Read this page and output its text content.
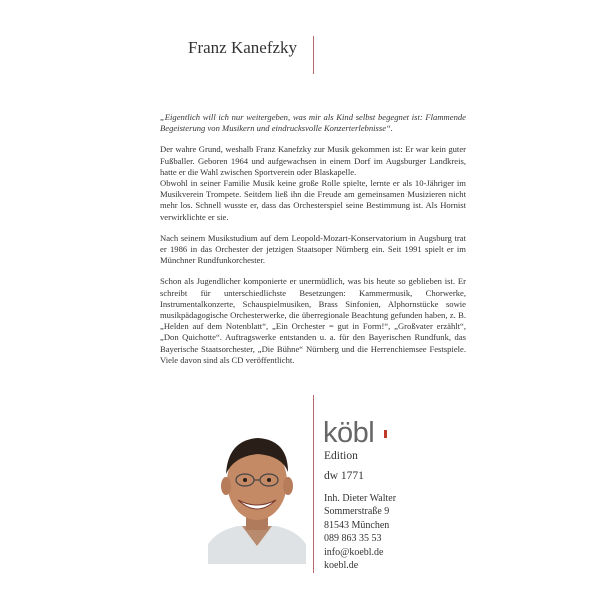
Franz Kanefzky

„Eigentlich will ich nur weitergeben, was mir als Kind selbst begegnet ist: Flammende Begeisterung von Musikern und eindrucksvolle Konzerterlebnisse“.

Der wahre Grund, weshalb Franz Kanefzky zur Musik gekommen ist: Er war kein guter Fußballer. Geboren 1964 und aufgewachsen in einem Dorf im Augsburger Landkreis, hatte er die Wahl zwischen Sportverein oder Blaskapelle.

Obwohl in seiner Familie Musik keine große Rolle spielte, lernte er als 10-Jähriger im Musikverein Trompete. Seitdem ließ ihn die Freude am gemeinsamen Musizieren nicht mehr los. Schnell wusste er, dass das Orchesterspiel seine Bestimmung ist. Als Hornist verwirklichte er sie.

Nach seinem Musikstudium auf dem Leopold-Mozart-Konservatorium in Augsburg trat er 1986 in das Orchester der jetzigen Staatsoper Nürnberg ein. Seit 1991 spielt er im Münchner Rundfunkorchester.

Schon als Jugendlicher komponierte er unermüdlich, was bis heute so geblieben ist. Er schreibt für unterschiedlichste Besetzungen: Kammermusik, Chorwerke, Instrumentalkonzerte, Schauspielmusiken, Brass Sinfonien, Alphornstücke sowie musikpädagogische Orchesterwerke, die überregionale Beachtung gefunden haben, z. B. „Helden auf dem Notenblatt“, „Ein Orchester = gut in Form!“, „Großvater erzählt“, „Don Quichotte“. Auftragswerke entstanden u. a. für den Bayerischen Rundfunk, das Bayerische Staatsorchester, „Die Bühne“ Nürnberg und die Herrenchiemsee Festspiele. Viele davon sind als CD veröffentlicht.

köbl
Edition
dw 1771
Inh. Dieter Walter
Sommerstraße 9
81543 München
089 863 35 53
info@koebl.de
koebl.de
